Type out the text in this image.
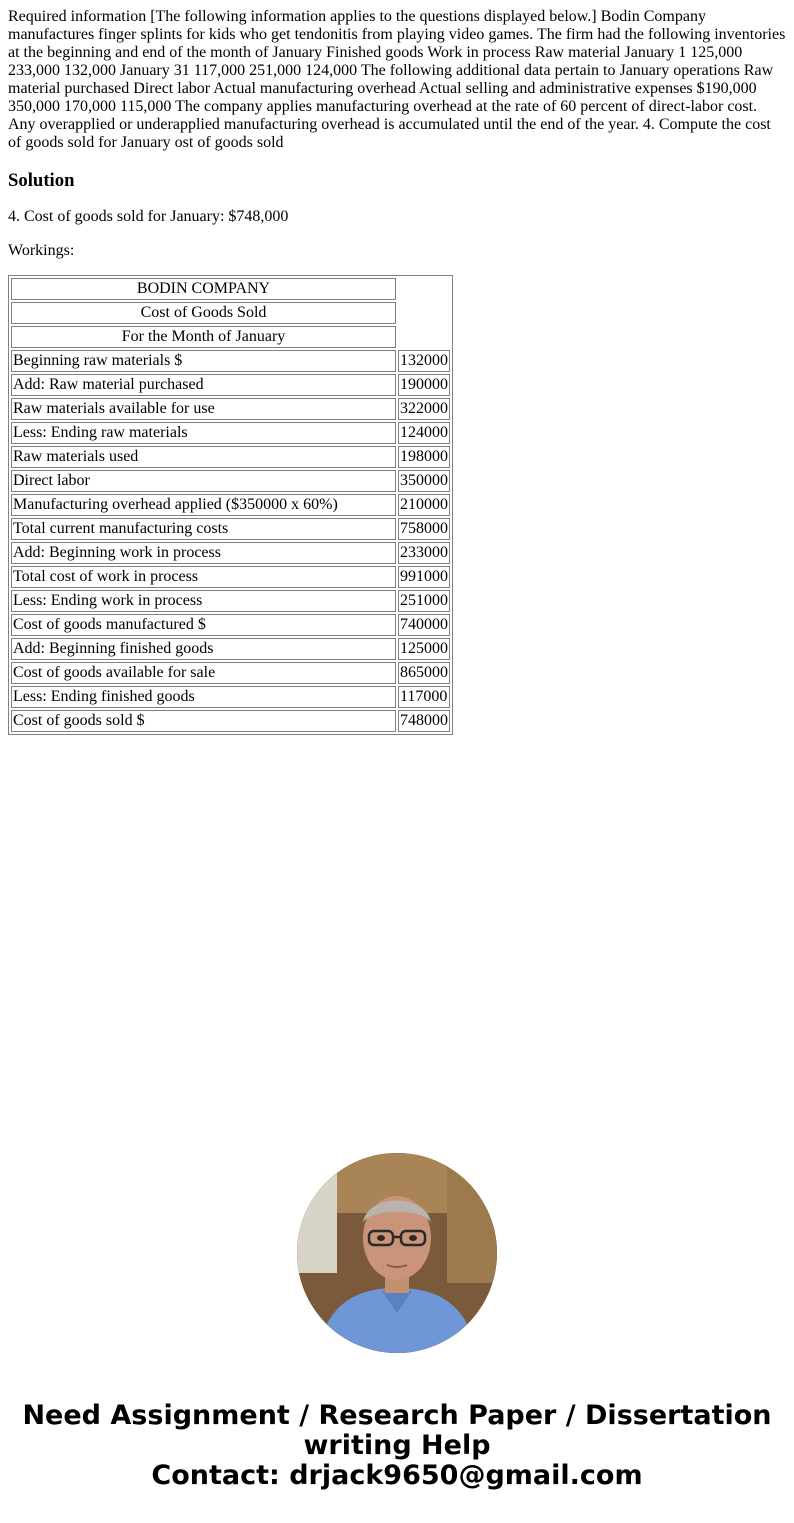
Required information [The following information applies to the questions displayed below.] Bodin Company manufactures finger splints for kids who get tendonitis from playing video games. The firm had the following inventories at the beginning and end of the month of January Finished goods Work in process Raw material January 1 125,000 233,000 132,000 January 31 117,000 251,000 124,000 The following additional data pertain to January operations Raw material purchased Direct labor Actual manufacturing overhead Actual selling and administrative expenses $190,000 350,000 170,000 115,000 The company applies manufacturing overhead at the rate of 60 percent of direct-labor cost. Any overapplied or underapplied manufacturing overhead is accumulated until the end of the year. 4. Compute the cost of goods sold for January ost of goods sold

Solution

4. Cost of goods sold for January: $748,000

Workings:

BODIN COMPANY	
Cost of Goods Sold	
For the Month of January	
Beginning raw materials $	132000
Add: Raw material purchased	190000
Raw materials available for use	322000
Less: Ending raw materials	124000
Raw materials used	198000
Direct labor	350000
Manufacturing overhead applied ($350000 x 60%)	210000
Total current manufacturing costs	758000
Add: Beginning work in process	233000
Total cost of work in process	991000
Less: Ending work in process	251000
Cost of goods manufactured $	740000
Add: Beginning finished goods	125000
Cost of goods available for sale	865000
Less: Ending finished goods	117000
Cost of goods sold $	748000
Need Assignment / Research Paper / Dissertation
writing Help
Contact: drjack9650@gmail.com
